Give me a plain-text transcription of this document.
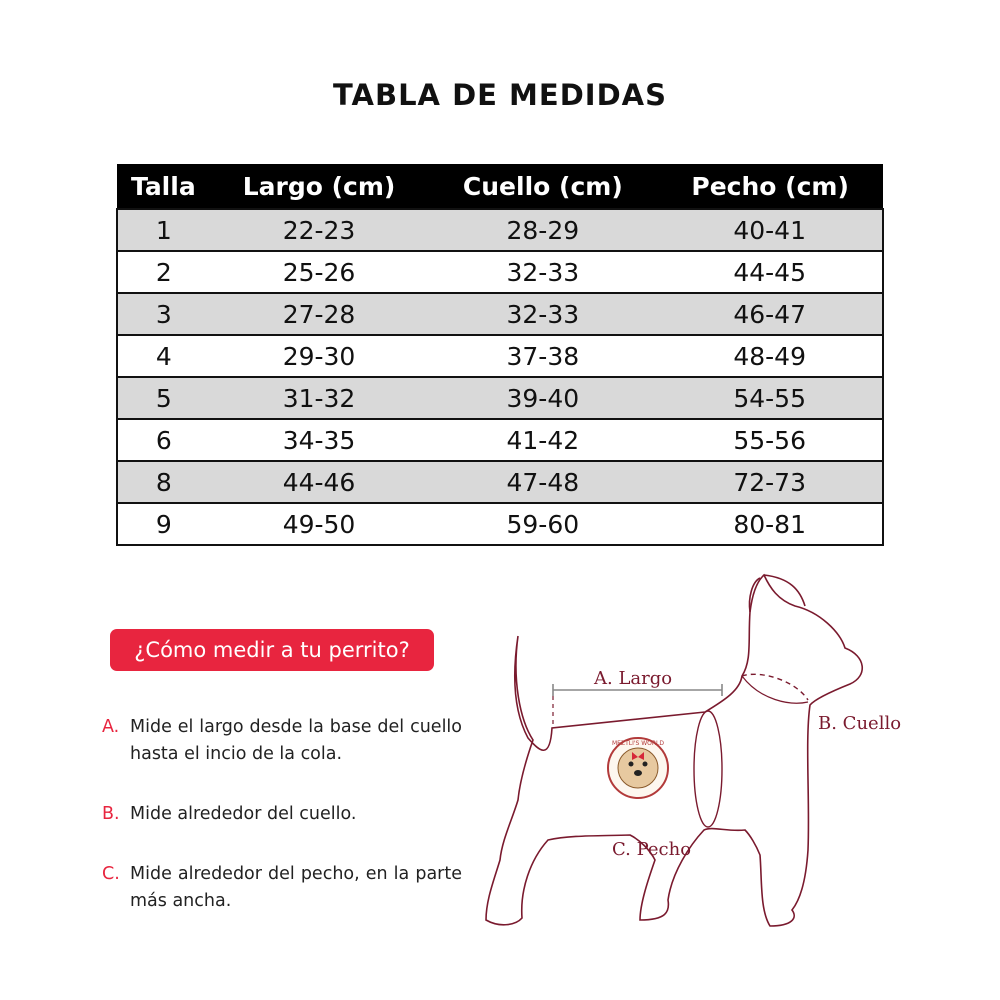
TABLA DE MEDIDAS
Talla	Largo (cm)	Cuello (cm)	Pecho (cm)
1	22-23	28-29	40-41
2	25-26	32-33	44-45
3	27-28	32-33	46-47
4	29-30	37-38	48-49
5	31-32	39-40	54-55
6	34-35	41-42	55-56
8	44-46	47-48	72-73
9	49-50	59-60	80-81
¿Cómo medir a tu perrito?
A. Mide el largo desde la base del cuello hasta el incio de la cola.
B. Mide alrededor del cuello.
C. Mide alrededor del pecho, en la parte más ancha.
A. Largo
B. Cuello
C. Pecho
MEZTLI'S WORLD
